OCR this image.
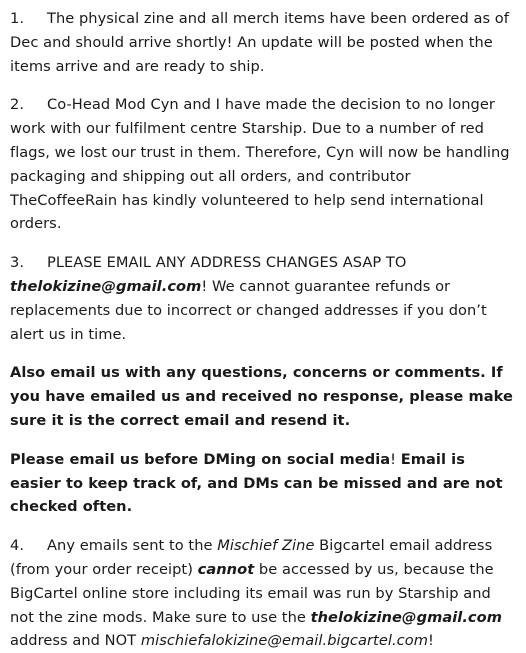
1. The physical zine and all merch items have been ordered as of Dec and should arrive shortly! An update will be posted when the items arrive and are ready to ship.

2. Co-Head Mod Cyn and I have made the decision to no longer work with our fulfilment centre Starship. Due to a number of red flags, we lost our trust in them. Therefore, Cyn will now be handling packaging and shipping out all orders, and contributor TheCoffeeRain has kindly volunteered to help send international orders.

3. PLEASE EMAIL ANY ADDRESS CHANGES ASAP TO thelokizine@gmail.com! We cannot guarantee refunds or replacements due to incorrect or changed addresses if you don’t alert us in time.

Also email us with any questions, concerns or comments. If you have emailed us and received no response, please make sure it is the correct email and resend it.

Please email us before DMing on social media! Email is easier to keep track of, and DMs can be missed and are not checked often.

4. Any emails sent to the Mischief Zine Bigcartel email address (from your order receipt) cannot be accessed by us, because the BigCartel online store including its email was run by Starship and not the zine mods. Make sure to use the thelokizine@gmail.com address and NOT mischiefalokizine@email.bigcartel.com!
